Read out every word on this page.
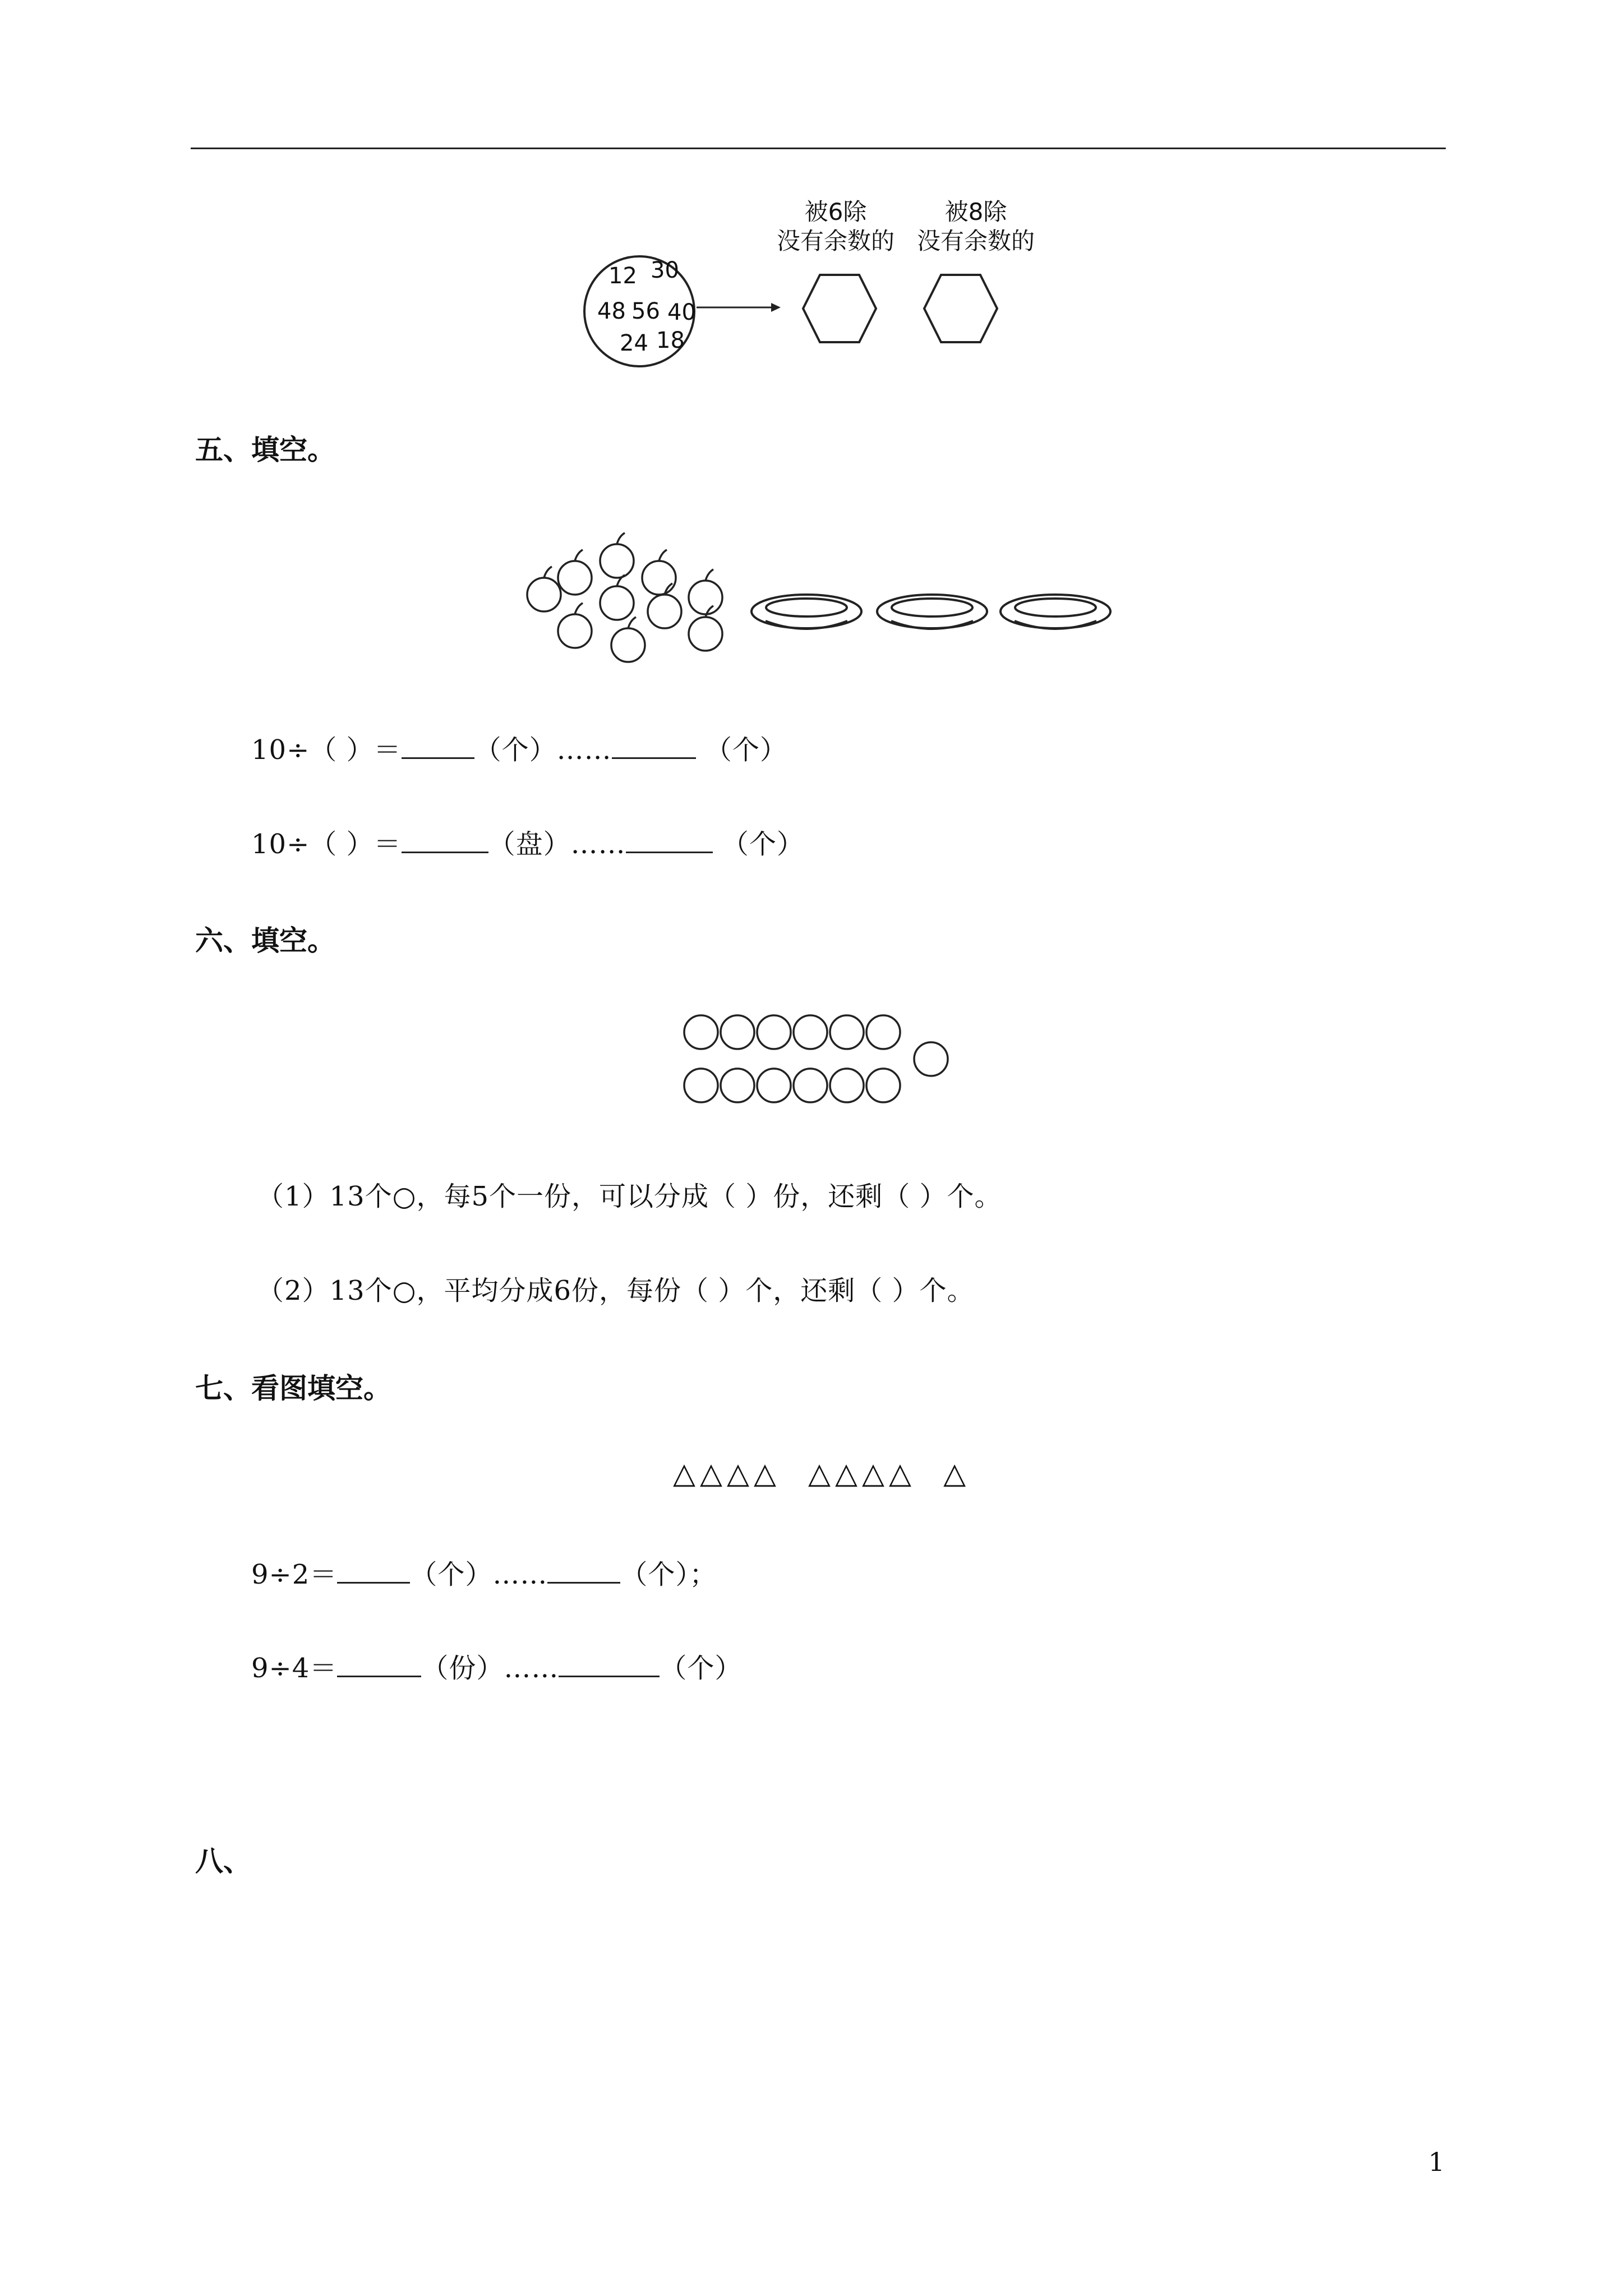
12 30
48 56 40
24 18
被6除
没有余数的
被8除
没有余数的
五、填空。
10÷（ ）＝	（个）……	（个）
10÷（ ）＝	（盘）……	（个）
六、填空。
（1）13个○，每5个一份，可以分成（ ）份，还剩（ ）个。
（2）13个○，平均分成6份，每份（ ）个，还剩（ ）个。
七、看图填空。
△△△△ △△△△ △
9÷2＝	（个）……	（个）；
9÷4＝	（份）……	（个）
八、
1
